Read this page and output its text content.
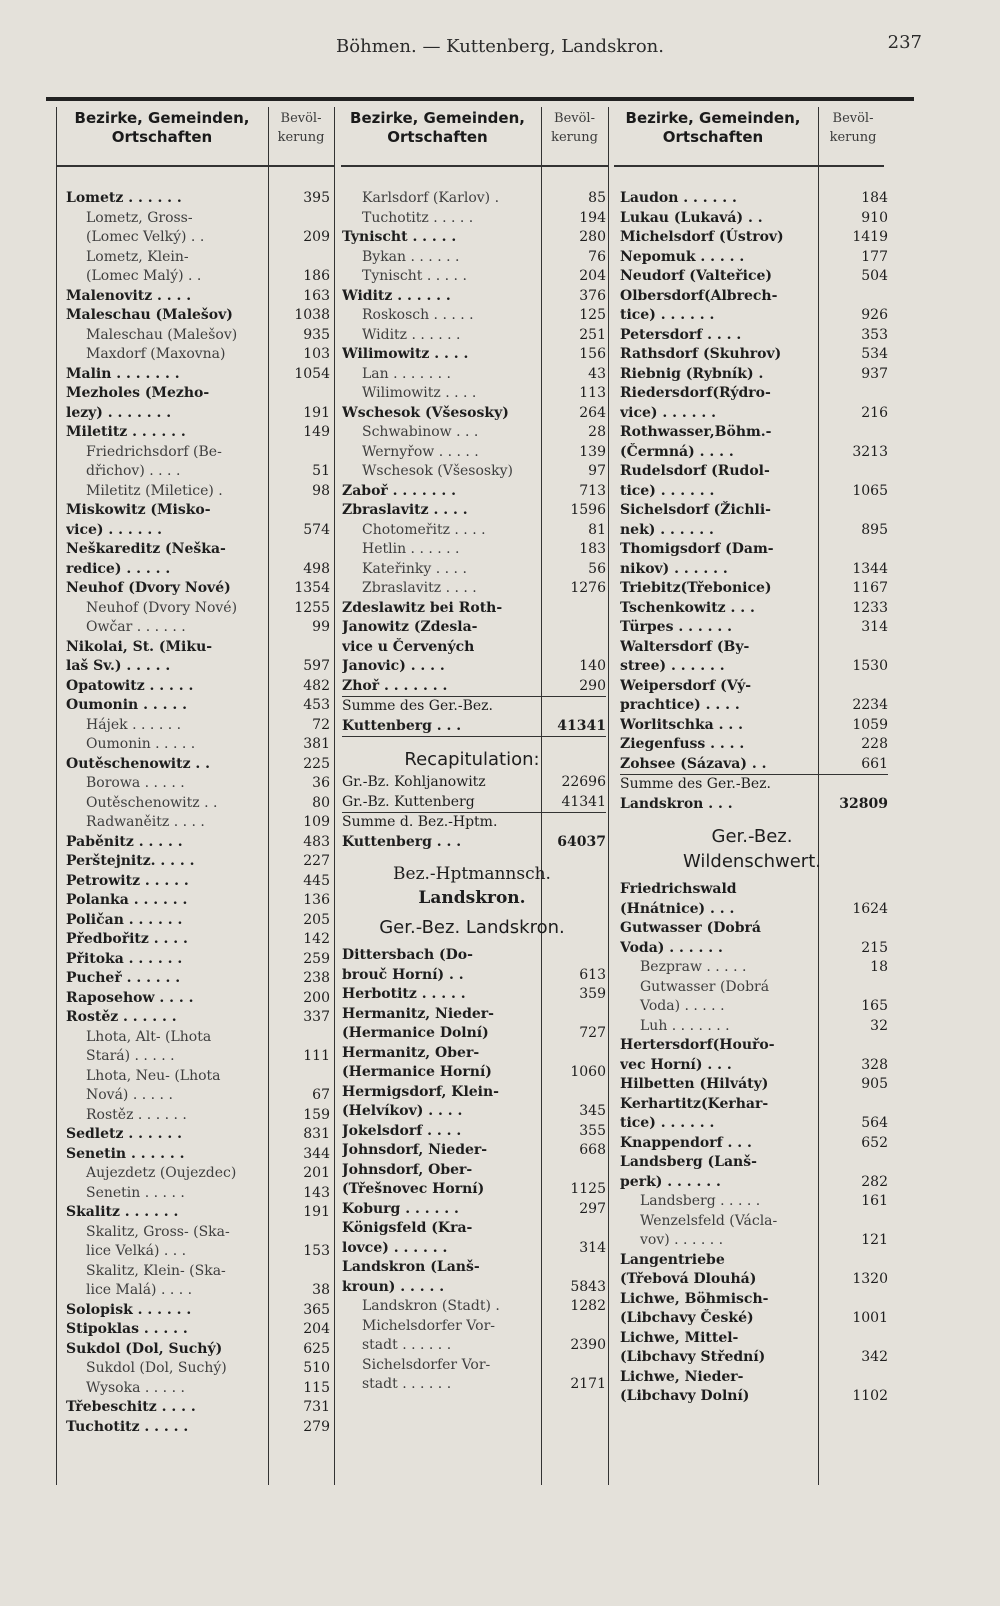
Böhmen. — Kuttenberg, Landskron.	237
Bezirke, Gemeinden, Ortschaften
Bevöl-kerung
Bezirke, Gemeinden, Ortschaften
Bevöl-kerung
Bezirke, Gemeinden, Ortschaften
Bevöl-kerung
Lometz . . . . . .	395
Lometz, Gross-
(Lomec Velký) . .	209
Lometz, Klein-
(Lomec Malý) . .	186
Malenovitz . . . .	163
Maleschau (Malešov)	1038
Maleschau (Malešov)	935
Maxdorf (Maxovna)	103
Malin . . . . . . .	1054
Mezholes (Mezho-
lezy) . . . . . . .	191
Miletitz . . . . . .	149
Friedrichsdorf (Be-
dřichov) . . . .	51
Miletitz (Miletice) .	98
Miskowitz (Misko-
vice) . . . . . .	574
Neškareditz (Neška-
redice) . . . . .	498
Neuhof (Dvory Nové)	1354
Neuhof (Dvory Nové)	1255
Owčar . . . . . .	99
Nikolai, St. (Miku-
laš Sv.) . . . . .	597
Opatowitz . . . . .	482
Oumonin . . . . .	453
Hájek . . . . . .	72
Oumonin . . . . .	381
Outěschenowitz . .	225
Borowa . . . . .	36
Outěschenowitz . .	80
Radwaněitz . . . .	109
Paběnitz . . . . .	483
Perštejnitz. . . . .	227
Petrowitz . . . . .	445
Polanka . . . . . .	136
Poličan . . . . . .	205
Předbořitz . . . .	142
Přitoka . . . . . .	259
Pucheř . . . . . .	238
Raposehow . . . .	200
Rostěz . . . . . .	337
Lhota, Alt- (Lhota
Stará) . . . . .	111
Lhota, Neu- (Lhota
Nová) . . . . .	67
Rostěz . . . . . .	159
Sedletz . . . . . .	831
Senetin . . . . . .	344
Aujezdetz (Oujezdec)	201
Senetin . . . . .	143
Skalitz . . . . . .	191
Skalitz, Gross- (Ska-
lice Velká) . . .	153
Skalitz, Klein- (Ska-
lice Malá) . . . .	38
Solopisk . . . . . .	365
Stipoklas . . . . .	204
Sukdol (Dol, Suchý)	625
Sukdol (Dol, Suchý)	510
Wysoka . . . . .	115
Třebeschitz . . . .	731
Tuchotitz . . . . .	279
Karlsdorf (Karlov) .	85
Tuchotitz . . . . .	194
Tynischt . . . . .	280
Bykan . . . . . .	76
Tynischt . . . . .	204
Widitz . . . . . .	376
Roskosch . . . . .	125
Widitz . . . . . .	251
Wilimowitz . . . .	156
Lan . . . . . . .	43
Wilimowitz . . . .	113
Wschesok (Všesosky)	264
Schwabinow . . .	28
Wernyřow . . . . .	139
Wschesok (Všesosky)	97
Zaboř . . . . . . .	713
Zbraslavitz . . . .	1596
Chotomeřitz . . . .	81
Hetlin . . . . . .	183
Kateřinky . . . .	56
Zbraslavitz . . . .	1276
Zdeslawitz bei Roth-
Janowitz (Zdesla-
vice u Červených
Janovic) . . . .	140
Zhoř . . . . . . .	290
Summe des Ger.-Bez.
Kuttenberg . . .	41341
Recapitulation:
Gr.-Bz. Kohljanowitz	22696
Gr.-Bz. Kuttenberg	41341
Summe d. Bez.-Hptm.
Kuttenberg . . .	64037
Bez.-Hptmannsch.
Landskron.
Ger.-Bez. Landskron.
Dittersbach (Do-
brouč Horní) . .	613
Herbotitz . . . . .	359
Hermanitz, Nieder-
(Hermanice Dolní)	727
Hermanitz, Ober-
(Hermanice Horní)	1060
Hermigsdorf, Klein-
(Helvíkov) . . . .	345
Jokelsdorf . . . .	355
Johnsdorf, Nieder-	668
Johnsdorf, Ober-
(Třešnovec Horní)	1125
Koburg . . . . . .	297
Königsfeld (Kra-
lovce) . . . . . .	314
Landskron (Lanš-
kroun) . . . . .	5843
Landskron (Stadt) .	1282
Michelsdorfer Vor-
stadt . . . . . .	2390
Sichelsdorfer Vor-
stadt . . . . . .	2171
Laudon . . . . . .	184
Lukau (Lukavá) . .	910
Michelsdorf (Ústrov)	1419
Nepomuk . . . . .	177
Neudorf (Valteřice)	504
Olbersdorf(Albrech-
tice) . . . . . .	926
Petersdorf . . . .	353
Rathsdorf (Skuhrov)	534
Riebnig (Rybník) .	937
Riedersdorf(Rýdro-
vice) . . . . . .	216
Rothwasser,Böhm.-
(Čermná) . . . .	3213
Rudelsdorf (Rudol-
tice) . . . . . .	1065
Sichelsdorf (Žichli-
nek) . . . . . .	895
Thomigsdorf (Dam-
nikov) . . . . . .	1344
Triebitz(Třebonice)	1167
Tschenkowitz . . .	1233
Türpes . . . . . .	314
Waltersdorf (By-
stree) . . . . . .	1530
Weipersdorf (Vý-
prachtice) . . . .	2234
Worlitschka . . .	1059
Ziegenfuss . . . .	228
Zohsee (Sázava) . .	661
Summe des Ger.-Bez.
Landskron . . .	32809
Ger.-Bez.
Wildenschwert.
Friedrichswald
(Hnátnice) . . .	1624
Gutwasser (Dobrá
Voda) . . . . . .	215
Bezpraw . . . . .	18
Gutwasser (Dobrá
Voda) . . . . .	165
Luh . . . . . . .	32
Hertersdorf(Houřo-
vec Horní) . . .	328
Hilbetten (Hilváty)	905
Kerhartitz(Kerhar-
tice) . . . . . .	564
Knappendorf . . .	652
Landsberg (Lanš-
perk) . . . . . .	282
Landsberg . . . . .	161
Wenzelsfeld (Václa-
vov) . . . . . .	121
Langentriebe
(Třebová Dlouhá)	1320
Lichwe, Böhmisch-
(Libchavy České)	1001
Lichwe, Mittel-
(Libchavy Střední)	342
Lichwe, Nieder-
(Libchavy Dolní)	1102
